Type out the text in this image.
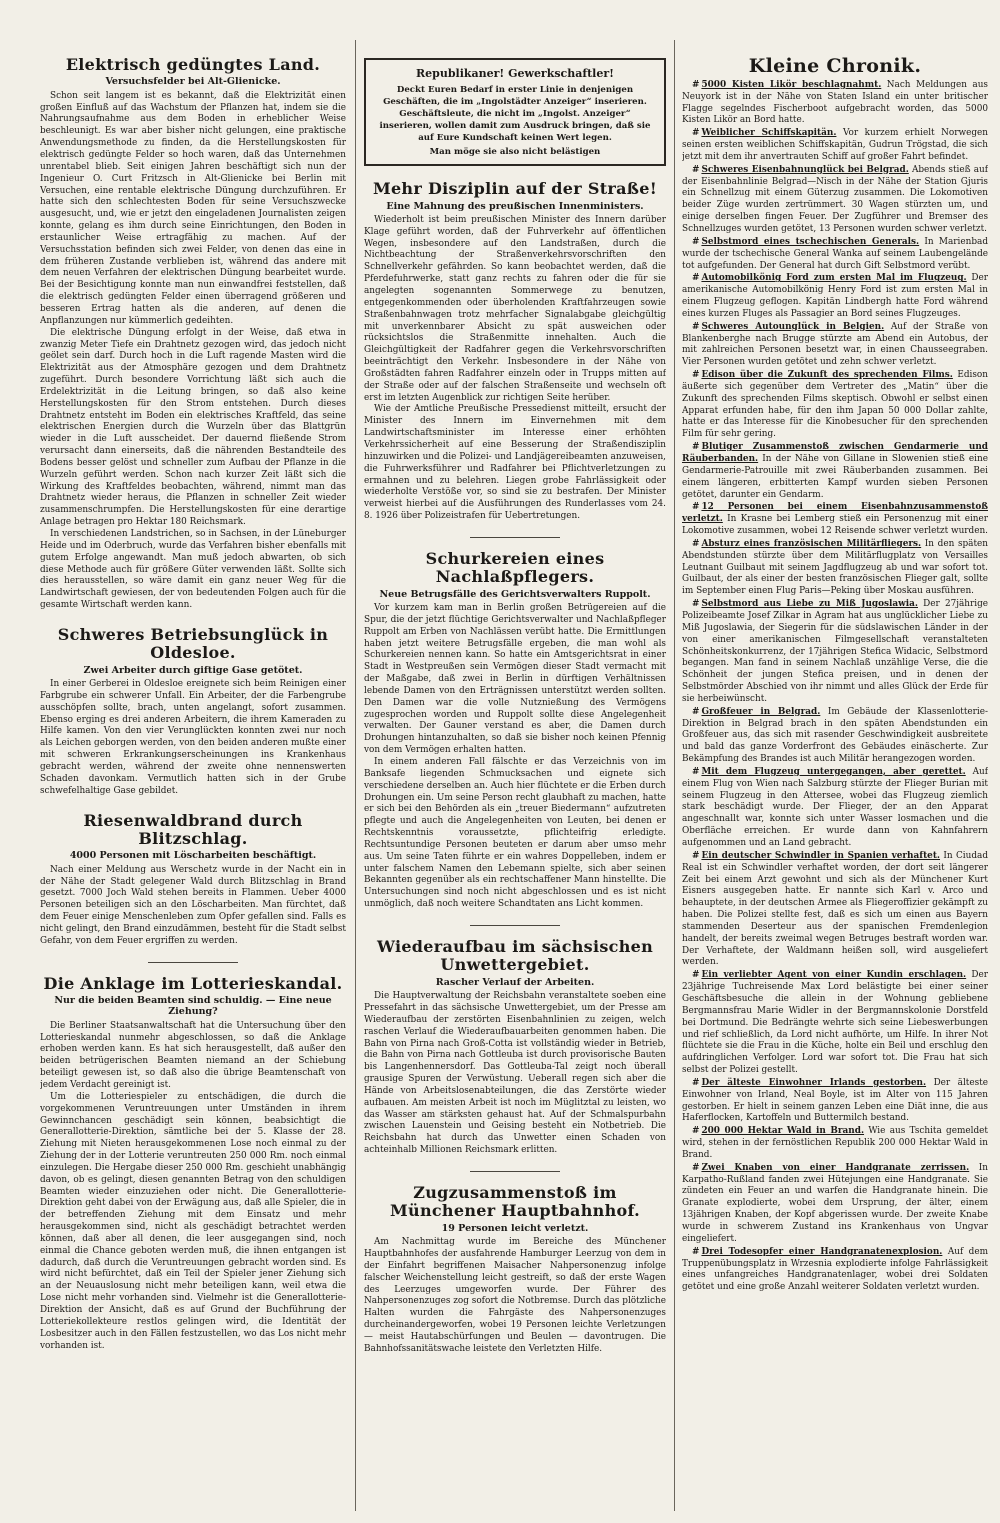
Elektrisch gedüngtes Land.
Versuchsfelder bei Alt-Glienicke.

Schon seit langem ist es bekannt, daß die Elektrizität einen großen Einfluß auf das Wachstum der Pflanzen hat, indem sie die Nahrungsaufnahme aus dem Boden in erheblicher Weise beschleunigt. Es war aber bisher nicht gelungen, eine praktische Anwendungsmethode zu finden, da die Herstellungskosten für elektrisch gedüngte Felder so hoch waren, daß das Unternehmen unrentabel blieb. Seit einigen Jahren beschäftigt sich nun der Ingenieur O. Curt Fritzsch in Alt-Glienicke bei Berlin mit Versuchen, eine rentable elektrische Düngung durchzuführen. Er hatte sich den schlechtesten Boden für seine Versuchszwecke ausgesucht, und, wie er jetzt den eingeladenen Journalisten zeigen konnte, gelang es ihm durch seine Einrichtungen, den Boden in erstaunlicher Weise ertragfähig zu machen. Auf der Versuchsstation befinden sich zwei Felder, von denen das eine in dem früheren Zustande verblieben ist, während das andere mit dem neuen Verfahren der elektrischen Düngung bearbeitet wurde. Bei der Besichtigung konnte man nun einwandfrei feststellen, daß die elektrisch gedüngten Felder einen überragend größeren und besseren Ertrag hatten als die anderen, auf denen die Anpflanzungen nur kümmerlich gedeihten.

Die elektrische Düngung erfolgt in der Weise, daß etwa in zwanzig Meter Tiefe ein Drahtnetz gezogen wird, das jedoch nicht geölet sein darf. Durch hoch in die Luft ragende Masten wird die Elektrizität aus der Atmosphäre gezogen und dem Drahtnetz zugeführt. Durch besondere Vorrichtung läßt sich auch die Erdelektrizität in die Leitung bringen, so daß also keine Herstellungskosten für den Strom entstehen. Durch dieses Drahtnetz entsteht im Boden ein elektrisches Kraftfeld, das seine elektrischen Energien durch die Wurzeln über das Blattgrün wieder in die Luft ausscheidet. Der dauernd fließende Strom verursacht dann einerseits, daß die nährenden Bestandteile des Bodens besser gelöst und schneller zum Aufbau der Pflanze in die Wurzeln geführt werden. Schon nach kurzer Zeit läßt sich die Wirkung des Kraftfeldes beobachten, während, nimmt man das Drahtnetz wieder heraus, die Pflanzen in schneller Zeit wieder zusammenschrumpfen. Die Herstellungskosten für eine derartige Anlage betragen pro Hektar 180 Reichsmark.

In verschiedenen Landstrichen, so in Sachsen, in der Lüneburger Heide und im Oderbruch, wurde das Verfahren bisher ebenfalls mit gutem Erfolge angewandt. Man muß jedoch abwarten, ob sich diese Methode auch für größere Güter verwenden läßt. Sollte sich dies herausstellen, so wäre damit ein ganz neuer Weg für die Landwirtschaft gewiesen, der von bedeutenden Folgen auch für die gesamte Wirtschaft werden kann.

Schweres Betriebsunglück in Oldesloe.
Zwei Arbeiter durch giftige Gase getötet.

In einer Gerberei in Oldesloe ereignete sich beim Reinigen einer Farbgrube ein schwerer Unfall. Ein Arbeiter, der die Farbengrube ausschöpfen sollte, brach, unten angelangt, sofort zusammen. Ebenso erging es drei anderen Arbeitern, die ihrem Kameraden zu Hilfe kamen. Von den vier Verunglückten konnten zwei nur noch als Leichen geborgen werden, von den beiden anderen mußte einer mit schweren Erkrankungserscheinungen ins Krankenhaus gebracht werden, während der zweite ohne nennenswerten Schaden davonkam. Vermutlich hatten sich in der Grube schwefelhaltige Gase gebildet.

Riesenwaldbrand durch Blitzschlag.
4000 Personen mit Löscharbeiten beschäftigt.

Nach einer Meldung aus Werschetz wurde in der Nacht ein in der Nähe der Stadt gelegener Wald durch Blitzschlag in Brand gesetzt. 7000 Joch Wald stehen bereits in Flammen. Ueber 4000 Personen beteiligen sich an den Löscharbeiten. Man fürchtet, daß dem Feuer einige Menschenleben zum Opfer gefallen sind. Falls es nicht gelingt, den Brand einzudämmen, besteht für die Stadt selbst Gefahr, von dem Feuer ergriffen zu werden.

Die Anklage im Lotterieskandal.
Nur die beiden Beamten sind schuldig. — Eine neue Ziehung?

Die Berliner Staatsanwaltschaft hat die Untersuchung über den Lotterieskandal nunmehr abgeschlossen, so daß die Anklage erhoben werden kann. Es hat sich herausgestellt, daß außer den beiden betrügerischen Beamten niemand an der Schiebung beteiligt gewesen ist, so daß also die übrige Beamtenschaft von jedem Verdacht gereinigt ist.

Um die Lotteriespieler zu entschädigen, die durch die vorgekommenen Veruntreuungen unter Umständen in ihrem Gewinnchancen geschädigt sein können, beabsichtigt die Generallotterie-Direktion, sämtliche bei der 5. Klasse der 28. Ziehung mit Nieten herausgekommenen Lose noch einmal zu der Ziehung der in der Lotterie veruntreuten 250 000 Rm. noch einmal einzulegen. Die Hergabe dieser 250 000 Rm. geschieht unabhängig davon, ob es gelingt, diesen genannten Betrag von den schuldigen Beamten wieder einzuziehen oder nicht. Die Generallotterie-Direktion geht dabei von der Erwägung aus, daß alle Spieler, die in der betreffenden Ziehung mit dem Einsatz und mehr herausgekommen sind, nicht als geschädigt betrachtet werden können, daß aber all denen, die leer ausgegangen sind, noch einmal die Chance geboten werden muß, die ihnen entgangen ist dadurch, daß durch die Veruntreuungen gebracht worden sind. Es wird nicht befürchtet, daß ein Teil der Spieler jener Ziehung sich an der Neuauslosung nicht mehr beteiligen kann, weil etwa die Lose nicht mehr vorhanden sind. Vielmehr ist die Generallotterie-Direktion der Ansicht, daß es auf Grund der Buchführung der Lotteriekollekteure restlos gelingen wird, die Identität der Losbesitzer auch in den Fällen festzustellen, wo das Los nicht mehr vorhanden ist.

Republikaner! Gewerkschaftler!

Deckt Euren Bedarf in erster Linie in denjenigen Geschäften, die im „Ingolstädter Anzeiger“ inserieren. Geschäftsleute, die nicht im „Ingolst. Anzeiger“ inserieren, wollen damit zum Ausdruck bringen, daß sie auf Eure Kundschaft keinen Wert legen.

Man möge sie also nicht belästigen
Mehr Disziplin auf der Straße!
Eine Mahnung des preußischen Innenministers.

Wiederholt ist beim preußischen Minister des Innern darüber Klage geführt worden, daß der Fuhrverkehr auf öffentlichen Wegen, insbesondere auf den Landstraßen, durch die Nichtbeachtung der Straßenverkehrsvorschriften den Schnellverkehr gefährden. So kann beobachtet werden, daß die Pferdefuhrwerke, statt ganz rechts zu fahren oder die für sie angelegten sogenannten Sommerwege zu benutzen, entgegenkommenden oder überholenden Kraftfahrzeugen sowie Straßenbahnwagen trotz mehrfacher Signalabgabe gleichgültig mit unverkennbarer Absicht zu spät ausweichen oder rücksichtslos die Straßenmitte innehalten. Auch die Gleichgültigkeit der Radfahrer gegen die Verkehrsvorschriften beeinträchtigt den Verkehr. Insbesondere in der Nähe von Großstädten fahren Radfahrer einzeln oder in Trupps mitten auf der Straße oder auf der falschen Straßenseite und wechseln oft erst im letzten Augenblick zur richtigen Seite herüber.

Wie der Amtliche Preußische Pressedienst mitteilt, ersucht der Minister des Innern im Einvernehmen mit dem Landwirtschaftsminister im Interesse einer erhöhten Verkehrssicherheit auf eine Besserung der Straßendisziplin hinzuwirken und die Polizei- und Landjägereibeamten anzuweisen, die Fuhrwerksführer und Radfahrer bei Pflichtverletzungen zu ermahnen und zu belehren. Liegen grobe Fahrlässigkeit oder wiederholte Verstöße vor, so sind sie zu bestrafen. Der Minister verweist hierbei auf die Ausführungen des Runderlasses vom 24. 8. 1926 über Polizeistrafen für Uebertretungen.

Schurkereien eines Nachlaßpflegers.
Neue Betrugsfälle des Gerichtsverwalters Ruppolt.

Vor kurzem kam man in Berlin großen Betrügereien auf die Spur, die der jetzt flüchtige Gerichtsverwalter und Nachlaßpfleger Ruppolt am Erben von Nachlässen verübt hatte. Die Ermittlungen haben jetzt weitere Betrugsfälle ergeben, die man wohl als Schurkereien nennen kann. So hatte ein Amtsgerichtsrat in einer Stadt in Westpreußen sein Vermögen dieser Stadt vermacht mit der Maßgabe, daß zwei in Berlin in dürftigen Verhältnissen lebende Damen von den Erträgnissen unterstützt werden sollten. Den Damen war die volle Nutznießung des Vermögens zugesprochen worden und Ruppolt sollte diese Angelegenheit verwalten. Der Gauner verstand es aber, die Damen durch Drohungen hintanzuhalten, so daß sie bisher noch keinen Pfennig von dem Vermögen erhalten hatten.

In einem anderen Fall fälschte er das Verzeichnis von im Banksafe liegenden Schmucksachen und eignete sich verschiedene derselben an. Auch hier flüchtete er die Erben durch Drohungen ein. Um seine Person recht glaubhaft zu machen, hatte er sich bei den Behörden als ein „treuer Biedermann“ aufzutreten pflegte und auch die Angelegenheiten von Leuten, bei denen er Rechtskenntnis voraussetzte, pflichteifrig erledigte. Rechtsuntundige Personen beuteten er darum aber umso mehr aus. Um seine Taten führte er ein wahres Doppelleben, indem er unter falschem Namen den Lebemann spielte, sich aber seinen Bekannten gegenüber als ein rechtschaffener Mann hinstellte. Die Untersuchungen sind noch nicht abgeschlossen und es ist nicht unmöglich, daß noch weitere Schandtaten ans Licht kommen.

Wiederaufbau im sächsischen Unwettergebiet.
Rascher Verlauf der Arbeiten.

Die Hauptverwaltung der Reichsbahn veranstaltete soeben eine Pressefahrt in das sächsische Unwettergebiet, um der Presse am Wiederaufbau der zerstörten Eisenbahnlinien zu zeigen, welch raschen Verlauf die Wiederaufbauarbeiten genommen haben. Die Bahn von Pirna nach Groß-Cotta ist vollständig wieder in Betrieb, die Bahn von Pirna nach Gottleuba ist durch provisorische Bauten bis Langenhennersdorf. Das Gottleuba-Tal zeigt noch überall grausige Spuren der Verwüstung. Ueberall regen sich aber die Hände von Arbeitslosenabteilungen, die das Zerstörte wieder aufbauen. Am meisten Arbeit ist noch im Müglitztal zu leisten, wo das Wasser am stärksten gehaust hat. Auf der Schmalspurbahn zwischen Lauenstein und Geising besteht ein Notbetrieb. Die Reichsbahn hat durch das Unwetter einen Schaden von achteinhalb Millionen Reichsmark erlitten.

Zugzusammenstoß im Münchener Hauptbahnhof.
19 Personen leicht verletzt.

Am Nachmittag wurde im Bereiche des Münchener Hauptbahnhofes der ausfahrende Hamburger Leerzug von dem in der Einfahrt begriffenen Maisacher Nahpersonenzug infolge falscher Weichenstellung leicht gestreift, so daß der erste Wagen des Leerzuges umgeworfen wurde. Der Führer des Nahpersonenzuges zog sofort die Notbremse. Durch das plötzliche Halten wurden die Fahrgäste des Nahpersonenzuges durcheinandergeworfen, wobei 19 Personen leichte Verletzungen — meist Hautabschürfungen und Beulen — davontrugen. Die Bahnhofssanitätswache leistete den Verletzten Hilfe.

Kleine Chronik.

# 5000 Kisten Likör beschlagnahmt. Nach Meldungen aus Neuyork ist in der Nähe von Staten Island ein unter britischer Flagge segelndes Fischerboot aufgebracht worden, das 5000 Kisten Likör an Bord hatte.

# Weiblicher Schiffskapitän. Vor kurzem erhielt Norwegen seinen ersten weiblichen Schiffskapitän, Gudrun Trögstad, die sich jetzt mit dem ihr anvertrauten Schiff auf großer Fahrt befindet.

# Schweres Eisenbahnunglück bei Belgrad. Abends stieß auf der Eisenbahnlinie Belgrad—Nisch in der Nähe der Station Gjuris ein Schnellzug mit einem Güterzug zusammen. Die Lokomotiven beider Züge wurden zertrümmert. 30 Wagen stürzten um, und einige derselben fingen Feuer. Der Zugführer und Bremser des Schnellzuges wurden getötet, 13 Personen wurden schwer verletzt.

# Selbstmord eines tschechischen Generals. In Marienbad wurde der tschechische General Wanka auf seinem Laubengelände tot aufgefunden. Der General hat durch Gift Selbstmord verübt.

# Automobilkönig Ford zum ersten Mal im Flugzeug. Der amerikanische Automobilkönig Henry Ford ist zum ersten Mal in einem Flugzeug geflogen. Kapitän Lindbergh hatte Ford während eines kurzen Fluges als Passagier an Bord seines Flugzeuges.

# Schweres Autounglück in Belgien. Auf der Straße von Blankenberghe nach Brugge stürzte am Abend ein Autobus, der mit zahlreichen Personen besetzt war, in einen Chausseegraben. Vier Personen wurden getötet und zehn schwer verletzt.

# Edison über die Zukunft des sprechenden Films. Edison äußerte sich gegenüber dem Vertreter des „Matin“ über die Zukunft des sprechenden Films skeptisch. Obwohl er selbst einen Apparat erfunden habe, für den ihm Japan 50 000 Dollar zahlte, hatte er das Interesse für die Kinobesucher für den sprechenden Film für sehr gering.

# Blutiger Zusammenstoß zwischen Gendarmerie und Räuberbanden. In der Nähe von Gillane in Slowenien stieß eine Gendarmerie-Patrouille mit zwei Räuberbanden zusammen. Bei einem längeren, erbitterten Kampf wurden sieben Personen getötet, darunter ein Gendarm.

# 12 Personen bei einem Eisenbahnzusammenstoß verletzt. In Krasne bei Lemberg stieß ein Personenzug mit einer Lokomotive zusammen, wobei 12 Reisende schwer verletzt wurden.

# Absturz eines französischen Militärfliegers. In den späten Abendstunden stürzte über dem Militärflugplatz von Versailles Leutnant Guilbaut mit seinem Jagdflugzeug ab und war sofort tot. Guilbaut, der als einer der besten französischen Flieger galt, sollte im September einen Flug Paris—Peking über Moskau ausführen.

# Selbstmord aus Liebe zu Miß Jugoslawia. Der 27jährige Polizeibeamte Josef Zilkar in Agram hat aus unglücklicher Liebe zu Miß Jugoslawia, der Siegerin für die südslawischen Länder in der von einer amerikanischen Filmgesellschaft veranstalteten Schönheitskonkurrenz, der 17jährigen Stefica Widacic, Selbstmord begangen. Man fand in seinem Nachlaß unzählige Verse, die die Schönheit der jungen Stefica preisen, und in denen der Selbstmörder Abschied von ihr nimmt und alles Glück der Erde für sie herbeiwünscht.

# Großfeuer in Belgrad. Im Gebäude der Klassenlotterie-Direktion in Belgrad brach in den späten Abendstunden ein Großfeuer aus, das sich mit rasender Geschwindigkeit ausbreitete und bald das ganze Vorderfront des Gebäudes einäscherte. Zur Bekämpfung des Brandes ist auch Militär herangezogen worden.

# Mit dem Flugzeug untergegangen, aber gerettet. Auf einem Flug von Wien nach Salzburg stürzte der Flieger Burian mit seinem Flugzeug in den Attersee, wobei das Flugzeug ziemlich stark beschädigt wurde. Der Flieger, der an den Apparat angeschnallt war, konnte sich unter Wasser losmachen und die Oberfläche erreichen. Er wurde dann von Kahnfahrern aufgenommen und an Land gebracht.

# Ein deutscher Schwindler in Spanien verhaftet. In Ciudad Real ist ein Schwindler verhaftet worden, der dort seit längerer Zeit bei einem Arzt gewohnt und sich als der Münchener Kurt Eisners ausgegeben hatte. Er nannte sich Karl v. Arco und behauptete, in der deutschen Armee als Fliegeroffizier gekämpft zu haben. Die Polizei stellte fest, daß es sich um einen aus Bayern stammenden Deserteur aus der spanischen Fremdenlegion handelt, der bereits zweimal wegen Betruges bestraft worden war. Der Verhaftete, der Waldmann heißen soll, wird ausgeliefert werden.

# Ein verliebter Agent von einer Kundin erschlagen. Der 23jährige Tuchreisende Max Lord belästigte bei einer seiner Geschäftsbesuche die allein in der Wohnung gebliebene Bergmannsfrau Marie Widler in der Bergmannskolonie Dorstfeld bei Dortmund. Die Bedrängte wehrte sich seine Liebeswerbungen und rief schließlich, da Lord nicht aufhörte, um Hilfe. In ihrer Not flüchtete sie die Frau in die Küche, holte ein Beil und erschlug den aufdringlichen Verfolger. Lord war sofort tot. Die Frau hat sich selbst der Polizei gestellt.

# Der älteste Einwohner Irlands gestorben. Der älteste Einwohner von Irland, Neal Boyle, ist im Alter von 115 Jahren gestorben. Er hielt in seinem ganzen Leben eine Diät inne, die aus Haferflocken, Kartoffeln und Buttermilch bestand.

# 200 000 Hektar Wald in Brand. Wie aus Tschita gemeldet wird, stehen in der fernöstlichen Republik 200 000 Hektar Wald in Brand.

# Zwei Knaben von einer Handgranate zerrissen. In Karpatho-Rußland fanden zwei Hütejungen eine Handgranate. Sie zündeten ein Feuer an und warfen die Handgranate hinein. Die Granate explodierte, wobei dem Ursprung, der älter, einem 13jährigen Knaben, der Kopf abgerissen wurde. Der zweite Knabe wurde in schwerem Zustand ins Krankenhaus von Ungvar eingeliefert.

# Drei Todesopfer einer Handgranatenexplosion. Auf dem Truppenübungsplatz in Wrzesnia explodierte infolge Fahrlässigkeit eines unfangreiches Handgranatenlager, wobei drei Soldaten getötet und eine große Anzahl weiterer Soldaten verletzt wurden.
